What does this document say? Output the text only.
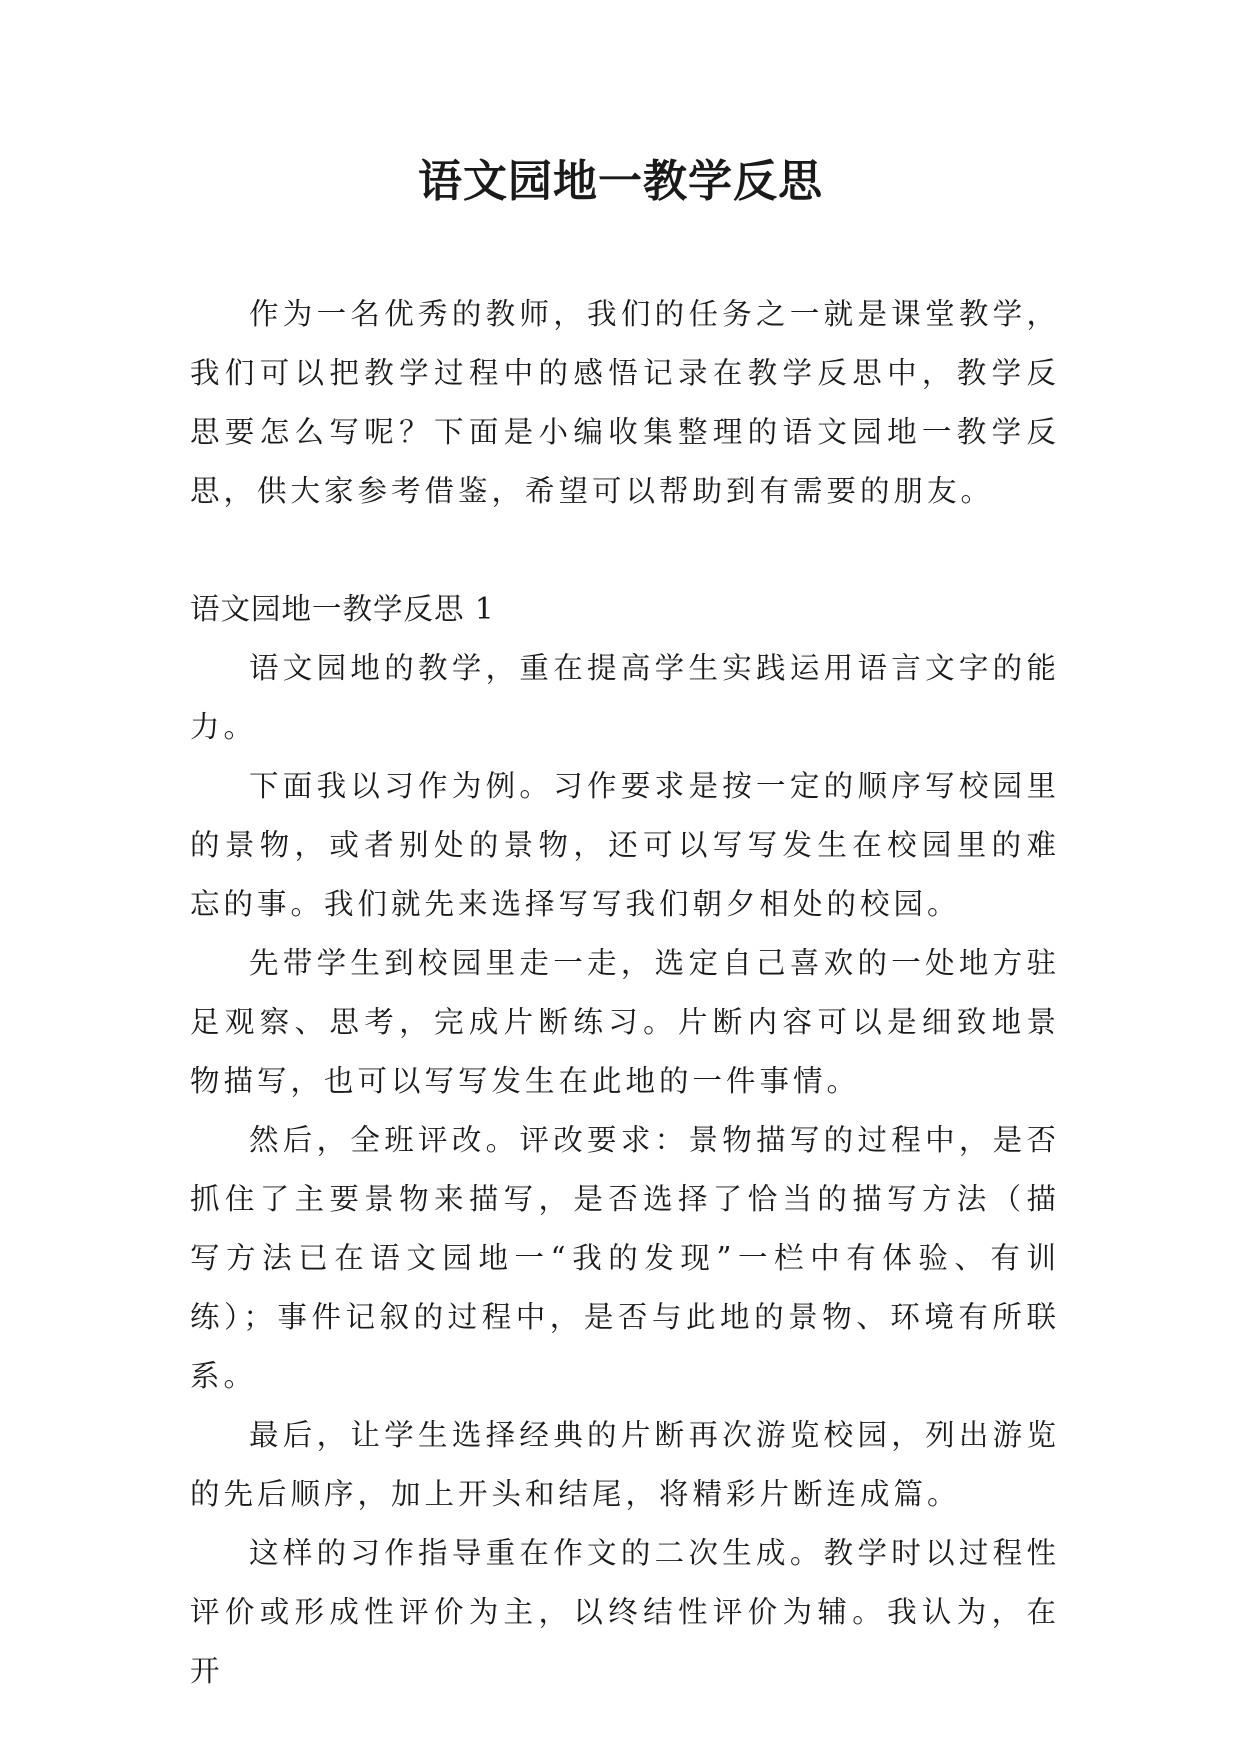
语文园地一教学反思

作为一名优秀的教师，我们的任务之一就是课堂教学，我们可以把教学过程中的感悟记录在教学反思中，教学反思要怎么写呢？下面是小编收集整理的语文园地一教学反思，供大家参考借鉴，希望可以帮助到有需要的朋友。

语文园地一教学反思 1

语文园地的教学，重在提高学生实践运用语言文字的能力。

下面我以习作为例。习作要求是按一定的顺序写校园里的景物，或者别处的景物，还可以写写发生在校园里的难忘的事。我们就先来选择写写我们朝夕相处的校园。

先带学生到校园里走一走，选定自己喜欢的一处地方驻足观察、思考，完成片断练习。片断内容可以是细致地景物描写，也可以写写发生在此地的一件事情。

然后，全班评改。评改要求：景物描写的过程中，是否抓住了主要景物来描写，是否选择了恰当的描写方法（描写方法已在语文园地一“我的发现”一栏中有体验、有训练）；事件记叙的过程中，是否与此地的景物、环境有所联系。

最后，让学生选择经典的片断再次游览校园，列出游览的先后顺序，加上开头和结尾，将精彩片断连成篇。

这样的习作指导重在作文的二次生成。教学时以过程性评价或形成性评价为主，以终结性评价为辅。我认为，在开
